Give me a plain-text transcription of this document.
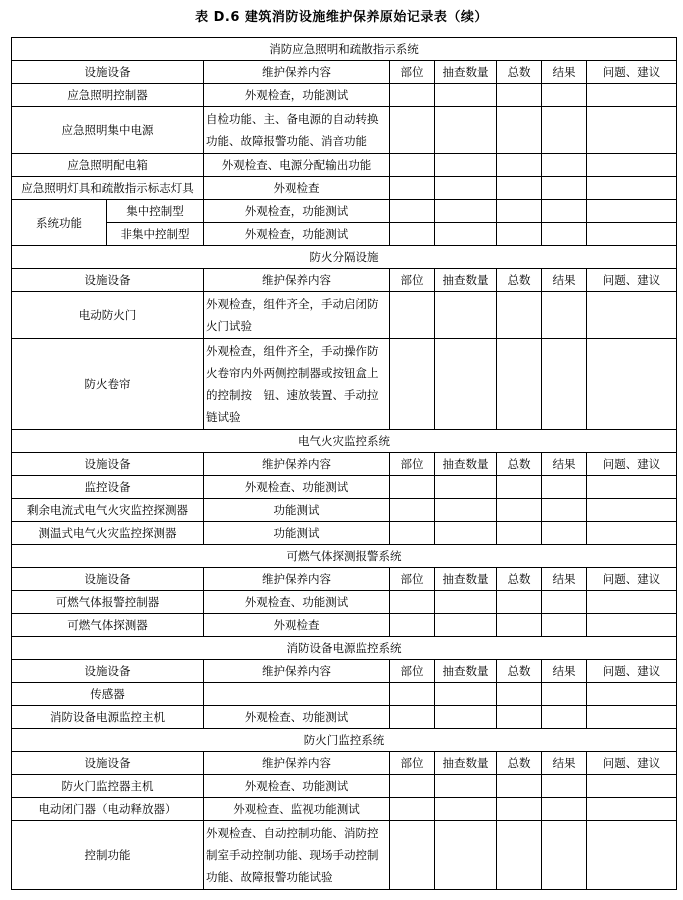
表 D.6 建筑消防设施维护保养原始记录表（续）
消防应急照明和疏散指示系统							
设施设备		维护保养内容	部位	抽查数量	总数	结果	问题、建议
应急照明控制器		外观检查，功能测试					
应急照明集中电源		自检功能、主、备电源的自动转换功能、故障报警功能、消音功能					
应急照明配电箱		外观检查、电源分配输出功能					
应急照明灯具和疏散指示标志灯具		外观检查					
系统功能	集中控制型	外观检查，功能测试					
	非集中控制型	外观检查，功能测试					
防火分隔设施							
设施设备		维护保养内容	部位	抽查数量	总数	结果	问题、建议
电动防火门		外观检查，组件齐全，手动启闭防火门试验					
防火卷帘		外观检查，组件齐全，手动操作防火卷帘内外两侧控制器或按钮盒上的控制按　钮、速放装置、手动拉链试验					
电气火灾监控系统							
设施设备		维护保养内容	部位	抽查数量	总数	结果	问题、建议
监控设备		外观检查、功能测试					
剩余电流式电气火灾监控探测器		功能测试					
测温式电气火灾监控探测器		功能测试					
可燃气体探测报警系统							
设施设备		维护保养内容	部位	抽查数量	总数	结果	问题、建议
可燃气体报警控制器		外观检查、功能测试					
可燃气体探测器		外观检查					
消防设备电源监控系统							
设施设备		维护保养内容	部位	抽查数量	总数	结果	问题、建议
传感器							
消防设备电源监控主机		外观检查、功能测试					
防火门监控系统							
设施设备		维护保养内容	部位	抽查数量	总数	结果	问题、建议
防火门监控器主机		外观检查、功能测试					
电动闭门器（电动释放器）		外观检查、监视功能测试					
控制功能		外观检查、自动控制功能、消防控制室手动控制功能、现场手动控制功能、故障报警功能试验					
